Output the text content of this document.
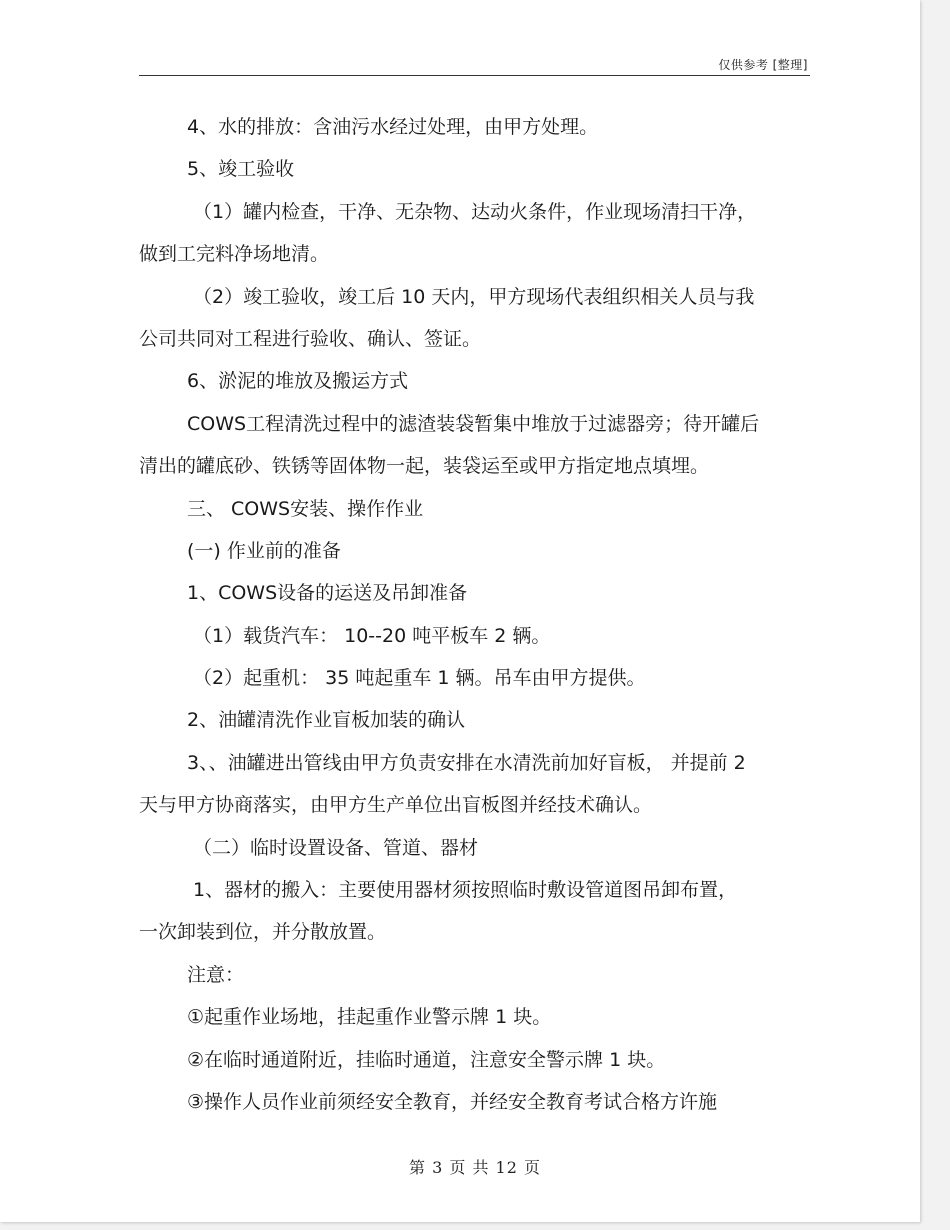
仅供参考 [整理]
4、水的排放：含油污水经过处理，由甲方处理。
5、竣工验收
（1）罐内检查，干净、无杂物、达动火条件，作业现场清扫干净，
做到工完料净场地清。
（2）竣工验收，竣工后 10 天内，甲方现场代表组织相关人员与我
公司共同对工程进行验收、确认、签证。
6、淤泥的堆放及搬运方式
COWS工程清洗过程中的滤渣装袋暂集中堆放于过滤器旁；待开罐后
清出的罐底砂、铁锈等固体物一起，装袋运至或甲方指定地点填埋。
三、 COWS安装、操作作业
(一) 作业前的准备
1、COWS设备的运送及吊卸准备
（1）载货汽车： 10--20 吨平板车 2 辆。
（2）起重机： 35 吨起重车 1 辆。吊车由甲方提供。
2、油罐清洗作业盲板加装的确认
3、、油罐进出管线由甲方负责安排在水清洗前加好盲板， 并提前 2
天与甲方协商落实，由甲方生产单位出盲板图并经技术确认。
（二）临时设置设备、管道、器材
1、器材的搬入：主要使用器材须按照临时敷设管道图吊卸布置，
一次卸装到位，并分散放置。
注意：
①起重作业场地，挂起重作业警示牌 1 块。
②在临时通道附近，挂临时通道，注意安全警示牌 1 块。
③操作人员作业前须经安全教育，并经安全教育考试合格方许施
第 3 页 共 12 页
